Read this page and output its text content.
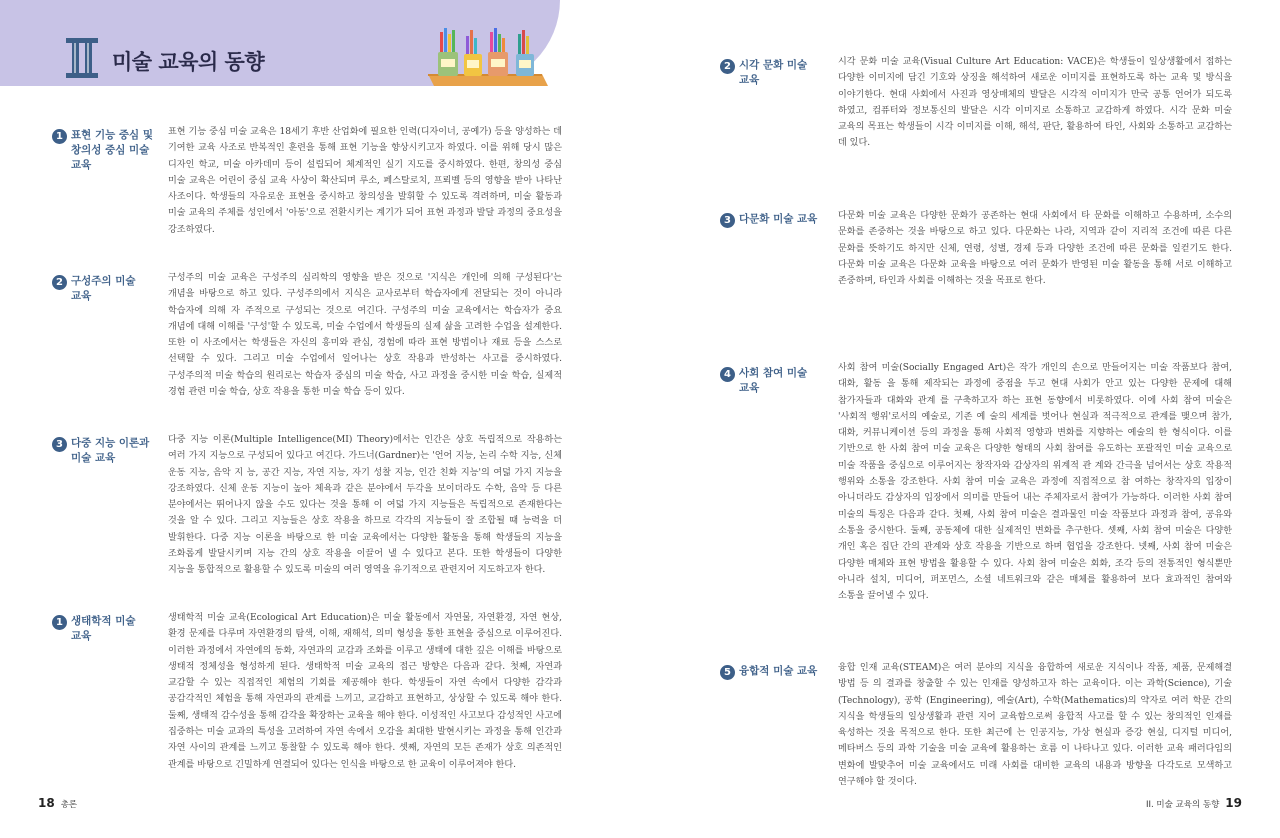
미술 교육의 동향
1 표현 기능 중심 및
창의성 중심 미술
교육
표현 기능 중심 미술 교육은 18세기 후반 산업화에 필요한 인력(디자이너, 공예가) 등을 양성하는 데 기여한 교육 사조로 반복적인 훈련을 통해 표현 기능을 향상시키고자 하였다. 이를 위해 당시 많은 디자인 학교, 미술 아카데미 등이 설립되어 체계적인 실기 지도를 중시하였다. 한편, 창의성 중심 미술 교육은 어린이 중심 교육 사상이 확산되며 루소, 페스탈로치, 프뢰벨 등의 영향을 받아 나타난 사조이다. 학생들의 자유로운 표현을 중시하고 창의성을 발휘할 수 있도록 격려하며, 미술 활동과 미술 교육의 주체를 성인에서 '아동'으로 전환시키는 계기가 되어 표현 과정과 발달 과정의 중요성을 강조하였다.
2 구성주의 미술
교육
구성주의 미술 교육은 구성주의 심리학의 영향을 받은 것으로 '지식은 개인에 의해 구성된다'는 개념을 바탕으로 하고 있다. 구성주의에서 지식은 교사로부터 학습자에게 전달되는 것이 아니라 학습자에 의해 자 주적으로 구성되는 것으로 여긴다. 구성주의 미술 교육에서는 학습자가 중요 개념에 대해 이해를 '구성'할 수 있도록, 미술 수업에서 학생들의 실제 삶을 고려한 수업을 설계한다. 또한 이 사조에서는 학생들은 자신의 흥미와 관심, 경험에 따라 표현 방법이나 재료 등을 스스로 선택할 수 있다. 그리고 미술 수업에서 일어나는 상호 작용과 반성하는 사고를 중시하였다. 구성주의적 미술 학습의 원리로는 학습자 중심의 미술 학습, 사고 과정을 중시한 미술 학습, 실제적 경험 관련 미술 학습, 상호 작용을 통한 미술 학습 등이 있다.
3 다중 지능 이론과
미술 교육
다중 지능 이론(Multiple Intelligence(MI) Theory)에서는 인간은 상호 독립적으로 작용하는 여러 가지 지능으로 구성되어 있다고 여긴다. 가드너(Gardner)는 '언어 지능, 논리 수학 지능, 신체 운동 지능, 음악 지 능, 공간 지능, 자연 지능, 자기 성찰 지능, 인간 친화 지능'의 여덟 가지 지능을 강조하였다. 신체 운동 지능이 높아 체육과 같은 분야에서 두각을 보이더라도 수학, 음악 등 다른 분야에서는 뛰어나지 않을 수도 있다는 것을 통해 이 여덟 가지 지능들은 독립적으로 존재한다는 것을 알 수 있다. 그리고 지능들은 상호 작용을 하므로 각각의 지능들이 잘 조합될 때 능력을 더 발휘한다. 다중 지능 이론을 바탕으로 한 미술 교육에서는 다양한 활동을 통해 학생들의 지능을 조화롭게 발달시키며 지능 간의 상호 작용을 이끌어 낼 수 있다고 본다. 또한 학생들이 다양한 지능을 통합적으로 활용할 수 있도록 미술의 여러 영역을 유기적으로 관련지어 지도하고자 한다.
1 생태학적 미술
교육
생태학적 미술 교육(Ecological Art Education)은 미술 활동에서 자연물, 자연환경, 자연 현상, 환경 문제를 다루며 자연환경의 탐색, 이해, 재해석, 의미 형성을 통한 표현을 중심으로 이루어진다. 이러한 과정에서 자연에의 동화, 자연과의 교감과 조화를 이루고 생태에 대한 깊은 이해를 바탕으로 생태적 정체성을 형성하게 된다. 생태학적 미술 교육의 접근 방향은 다음과 같다. 첫째, 자연과 교감할 수 있는 직접적인 체험의 기회를 제공해야 한다. 학생들이 자연 속에서 다양한 감각과 공감각적인 체험을 통해 자연과의 관계를 느끼고, 교감하고 표현하고, 상상할 수 있도록 해야 한다. 둘째, 생태적 감수성을 통해 감각을 확장하는 교육을 해야 한다. 이성적인 사고보다 감성적인 사고에 집중하는 미술 교과의 특성을 고려하여 자연 속에서 오감을 최대한 발현시키는 과정을 통해 인간과 자연 사이의 관계를 느끼고 통찰할 수 있도록 해야 한다. 셋째, 자연의 모든 존재가 상호 의존적인 관계를 바탕으로 긴밀하게 연결되어 있다는 인식을 바탕으로 한 교육이 이루어져야 한다.
2 시각 문화 미술
교육
시각 문화 미술 교육(Visual Culture Art Education: VACE)은 학생들이 일상생활에서 접하는 다양한 이미지에 담긴 기호와 상징을 해석하여 새로운 이미지를 표현하도록 하는 교육 및 방식을 이야기한다. 현대 사회에서 사진과 영상매체의 발달은 시각적 이미지가 만국 공통 언어가 되도록 하였고, 컴퓨터와 정보통신의 발달은 시각 이미지로 소통하고 교감하게 하였다. 시각 문화 미술 교육의 목표는 학생들이 시각 이미지를 이해, 해석, 판단, 활용하여 타인, 사회와 소통하고 교감하는 데 있다.
3 다문화 미술 교육 다문화 미술 교육은 다양한 문화가 공존하는 현대 사회에서 타 문화를 이해하고 수용하며, 소수의 문화를 존중하는 것을 바탕으로 하고 있다. 다문화는 나라, 지역과 같이 지리적 조건에 따른 다른 문화를 뜻하기도 하지만 신체, 연령, 성별, 경제 등과 다양한 조건에 따른 문화를 일컫기도 한다. 다문화 미술 교육은 다문화 교육을 바탕으로 여러 문화가 반영된 미술 활동을 통해 서로 이해하고 존중하며, 타인과 사회를 이해하는 것을 목표로 한다.
4 사회 참여 미술
교육
사회 참여 미술(Socially Engaged Art)은 작가 개인의 손으로 만들어지는 미술 작품보다 참여, 대화, 활동 을 통해 제작되는 과정에 중점을 두고 현대 사회가 안고 있는 다양한 문제에 대해 참가자들과 대화와 관계 를 구축하고자 하는 표현 동향에서 비롯하였다. 이에 사회 참여 미술은 '사회적 행위'로서의 예술로, 기존 예 술의 세계를 벗어나 현실과 적극적으로 관계를 맺으며 참가, 대화, 커뮤니케이션 등의 과정을 통해 사회적 영향과 변화를 지향하는 예술의 한 형식이다. 이를 기반으로 한 사회 참여 미술 교육은 다양한 형태의 사회 참여를 유도하는 포괄적인 미술 교육으로 미술 작품을 중심으로 이루어지는 창작자와 감상자의 위계적 관 계와 간극을 넘어서는 상호 작용적 행위와 소통을 강조한다. 사회 참여 미술 교육은 과정에 직접적으로 참 여하는 창작자의 입장이 아니더라도 감상자의 입장에서 의미를 만들어 내는 주체자로서 참여가 가능하다. 이러한 사회 참여 미술의 특징은 다음과 같다. 첫째, 사회 참여 미술은 결과물인 미술 작품보다 과정과 참여, 공유와 소통을 중시한다. 둘째, 공동체에 대한 실제적인 변화를 추구한다. 셋째, 사회 참여 미술은 다양한 개인 혹은 집단 간의 관계와 상호 작용을 기반으로 하며 협업을 강조한다. 넷째, 사회 참여 미술은 다양한 매체와 표현 방법을 활용할 수 있다. 사회 참여 미술은 회화, 조각 등의 전통적인 형식뿐만 아니라 설치, 미디어, 퍼포먼스, 소셜 네트워크와 같은 매체를 활용하여 보다 효과적인 참여와 소통을 끌어낼 수 있다.
5 융합적 미술 교육 융합 인재 교육(STEAM)은 여러 분야의 지식을 융합하여 새로운 지식이나 작품, 제품, 문제해결 방법 등 의 결과를 창출할 수 있는 인재를 양성하고자 하는 교육이다. 이는 과학(Science), 기술(Technology), 공학 (Engineering), 예술(Art), 수학(Mathematics)의 약자로 여러 학문 간의 지식을 학생들의 일상생활과 관련 지어 교육함으로써 융합적 사고를 할 수 있는 창의적인 인재를 육성하는 것을 목적으로 한다. 또한 최근에 는 인공지능, 가상 현실과 증강 현실, 디지털 미디어, 메타버스 등의 과학 기술을 미술 교육에 활용하는 흐름 이 나타나고 있다. 이러한 교육 패러다임의 변화에 발맞추어 미술 교육에서도 미래 사회를 대비한 교육의 내용과 방향을 다각도로 모색하고 연구해야 할 것이다.
18 총론	II. 미술 교육의 동향 19
